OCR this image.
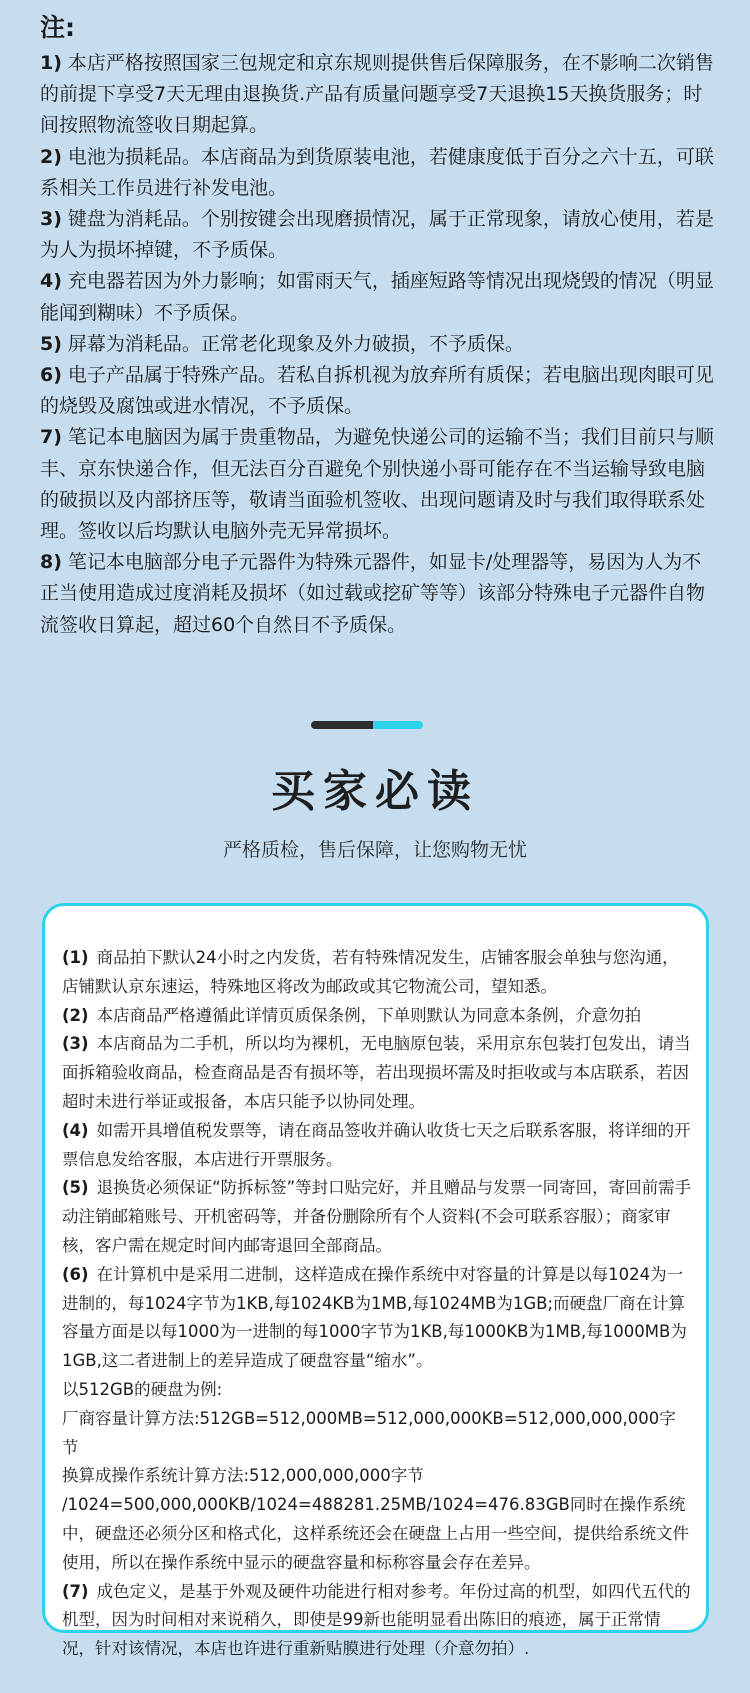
注:

1) 本店严格按照国家三包规定和京东规则提供售后保障服务，在不影响二次销售的前提下享受7天无理由退换货.产品有质量问题享受7天退换15天换货服务；时间按照物流签收日期起算。

2) 电池为损耗品。本店商品为到货原装电池，若健康度低于百分之六十五，可联系相关工作员进行补发电池。

3) 键盘为消耗品。个别按键会出现磨损情况，属于正常现象，请放心使用，若是为人为损坏掉键，不予质保。

4) 充电器若因为外力影响；如雷雨天气，插座短路等情况出现烧毁的情况（明显能闻到糊味）不予质保。

5) 屏幕为消耗品。正常老化现象及外力破损，不予质保。

6) 电子产品属于特殊产品。若私自拆机视为放弃所有质保；若电脑出现肉眼可见的烧毁及腐蚀或进水情况，不予质保。

7) 笔记本电脑因为属于贵重物品，为避免快递公司的运输不当；我们目前只与顺丰、京东快递合作，但无法百分百避免个别快递小哥可能存在不当运输导致电脑的破损以及内部挤压等，敬请当面验机签收、出现问题请及时与我们取得联系处理。签收以后均默认电脑外壳无异常损坏。

8) 笔记本电脑部分电子元器件为特殊元器件，如显卡/处理器等，易因为人为不正当使用造成过度消耗及损坏（如过载或挖矿等等）该部分特殊电子元器件自物流签收日算起，超过60个自然日不予质保。

买家必读

严格质检，售后保障，让您购物无忧

(1) 商品拍下默认24小时之内发货，若有特殊情况发生，店铺客服会单独与您沟通，店铺默认京东速运，特殊地区将改为邮政或其它物流公司，望知悉。

(2) 本店商品严格遵循此详情页质保条例，下单则默认为同意本条例，介意勿拍

(3) 本店商品为二手机，所以均为裸机，无电脑原包装，采用京东包装打包发出，请当面拆箱验收商品，检查商品是否有损坏等，若出现损坏需及时拒收或与本店联系，若因超时未进行举证或报备，本店只能予以协同处理。

(4) 如需开具增值税发票等，请在商品签收并确认收货七天之后联系客服，将详细的开票信息发给客服，本店进行开票服务。

(5) 退换货必须保证“防拆标签”等封口贴完好，并且赠品与发票一同寄回，寄回前需手动注销邮箱账号、开机密码等，并备份删除所有个人资料(不会可联系容服）；商家审核，客户需在规定时间内邮寄退回全部商品。

(6) 在计算机中是采用二进制，这样造成在操作系统中对容量的计算是以每1024为一进制的，每1024字节为1KB,每1024KB为1MB,每1024MB为1GB;而硬盘厂商在计算容量方面是以每1000为一进制的每1000字节为1KB,每1000KB为1MB,每1000MB为1GB,这二者进制上的差异造成了硬盘容量“缩水”。

以512GB的硬盘为例:

厂商容量计算方法:512GB=512,000MB=512,000,000KB=512,000,000,000字节

换算成操作系统计算方法:512,000,000,000字节

/1024=500,000,000KB/1024=488281.25MB/1024=476.83GB同时在操作系统中，硬盘还必须分区和格式化，这样系统还会在硬盘上占用一些空间，提供给系统文件使用，所以在操作系统中显示的硬盘容量和标称容量会存在差异。

(7) 成色定义，是基于外观及硬件功能进行相对参考。年份过高的机型，如四代五代的机型，因为时间相对来说稍久，即使是99新也能明显看出陈旧的痕迹，属于正常情况，针对该情况，本店也许进行重新贴膜进行处理（介意勿拍）.
